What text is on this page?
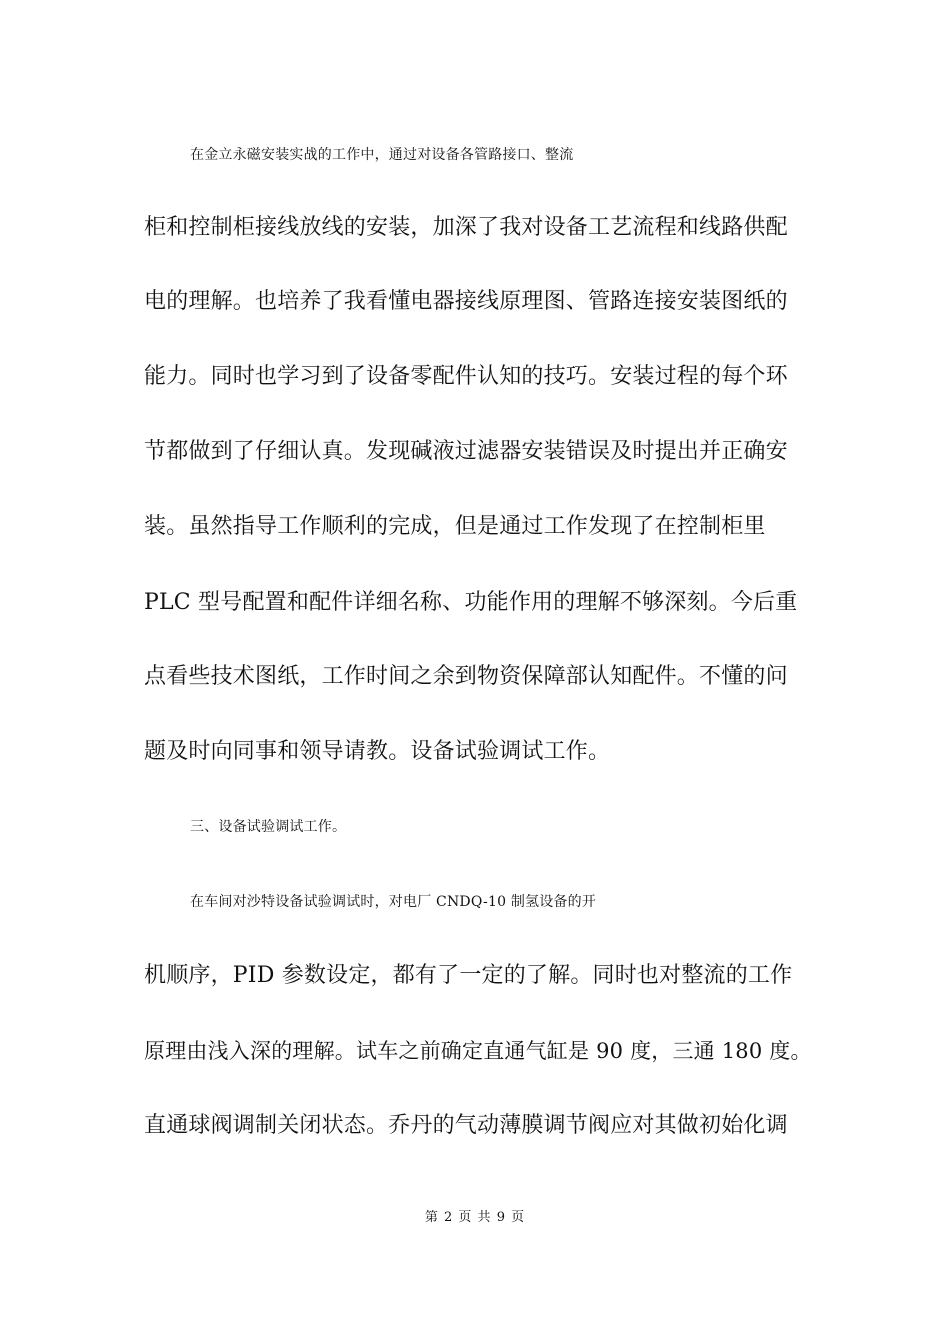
在金立永磁安装实战的工作中，通过对设备各管路接口、整流
柜和控制柜接线放线的安装，加深了我对设备工艺流程和线路供配
电的理解。也培养了我看懂电器接线原理图、管路连接安装图纸的
能力。同时也学习到了设备零配件认知的技巧。安装过程的每个环
节都做到了仔细认真。发现碱液过滤器安装错误及时提出并正确安
装。虽然指导工作顺利的完成，但是通过工作发现了在控制柜里
PLC 型号配置和配件详细名称、功能作用的理解不够深刻。今后重
点看些技术图纸，工作时间之余到物资保障部认知配件。不懂的问
题及时向同事和领导请教。设备试验调试工作。
三、设备试验调试工作。
在车间对沙特设备试验调试时，对电厂 CNDQ-10 制氢设备的开
机顺序，PID 参数设定，都有了一定的了解。同时也对整流的工作
原理由浅入深的理解。试车之前确定直通气缸是 90 度，三通 180 度。
直通球阀调制关闭状态。乔丹的气动薄膜调节阀应对其做初始化调
第 2 页 共 9 页
